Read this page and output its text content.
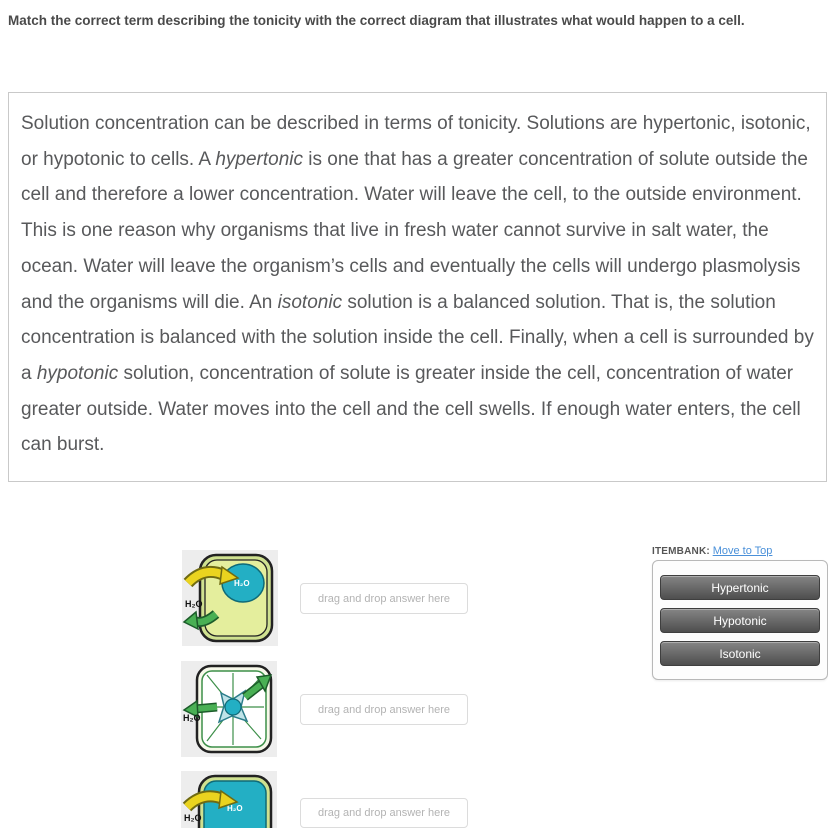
Match the correct term describing the tonicity with the correct diagram that illustrates what would happen to a cell.
Solution concentration can be described in terms of tonicity. Solutions are hypertonic, isotonic, or hypotonic to cells. A hypertonic is one that has a greater concentration of solute outside the cell and therefore a lower concentration. Water will leave the cell, to the outside environment. This is one reason why organisms that live in fresh water cannot survive in salt water, the ocean. Water will leave the organism’s cells and eventually the cells will undergo plasmolysis and the organisms will die. An isotonic solution is a balanced solution. That is, the solution concentration is balanced with the solution inside the cell. Finally, when a cell is surrounded by a hypotonic solution, concentration of solute is greater inside the cell, concentration of water greater outside. Water moves into the cell and the cell swells. If enough water enters, the cell can burst.
H₂O
H₂O	drag and drop answer here
H₂O
drag and drop answer here
H₂O
H₂O	drag and drop answer here
ITEMBANK: Move to Top
Hypertonic
Hypotonic
Isotonic
